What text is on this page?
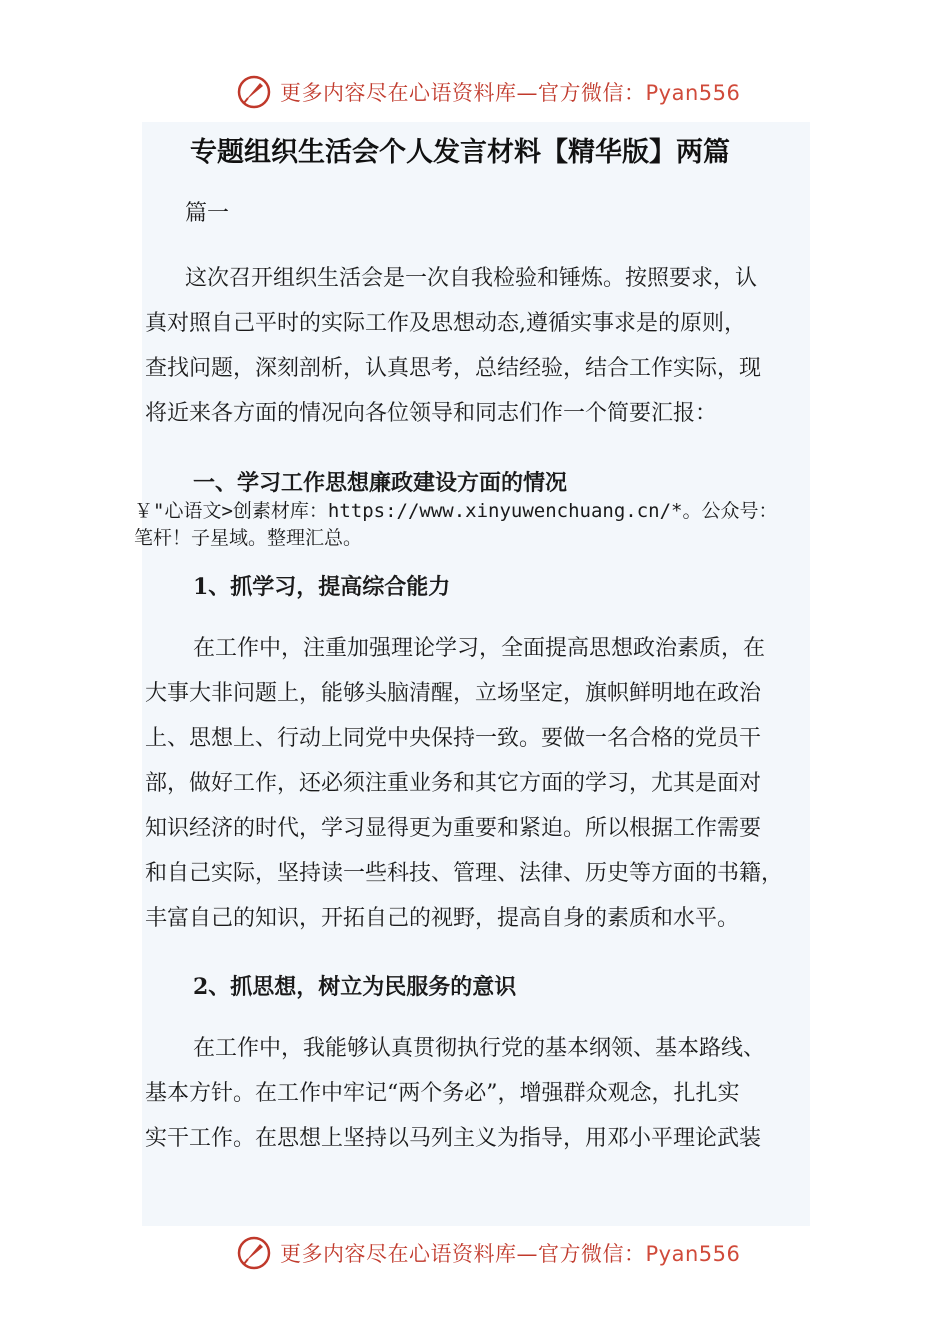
更多内容尽在心语资料库—官方微信：Pyan556
专题组织生活会个人发言材料【精华版】两篇
篇一
这次召开组织生活会是一次自我检验和锤炼。按照要求，认
真对照自己平时的实际工作及思想动态,遵循实事求是的原则，
查找问题，深刻剖析，认真思考，总结经验，结合工作实际，现
将近来各方面的情况向各位领导和同志们作一个简要汇报：
一、学习工作思想廉政建设方面的情况
￥"心语文>创素材库：https://www.xinyuwenchuang.cn/*。公众号：
笔杆！子星域。整理汇总。
1、抓学习，提高综合能力
在工作中，注重加强理论学习，全面提高思想政治素质，在
大事大非问题上，能够头脑清醒，立场坚定，旗帜鲜明地在政治
上、思想上、行动上同党中央保持一致。要做一名合格的党员干
部，做好工作，还必须注重业务和其它方面的学习，尤其是面对
知识经济的时代，学习显得更为重要和紧迫。所以根据工作需要
和自己实际，坚持读一些科技、管理、法律、历史等方面的书籍，
丰富自己的知识，开拓自己的视野，提高自身的素质和水平。
2、抓思想，树立为民服务的意识
在工作中，我能够认真贯彻执行党的基本纲领、基本路线、
基本方针。在工作中牢记“两个务必”，增强群众观念，扎扎实
实干工作。在思想上坚持以马列主义为指导，用邓小平理论武装
更多内容尽在心语资料库—官方微信：Pyan556
